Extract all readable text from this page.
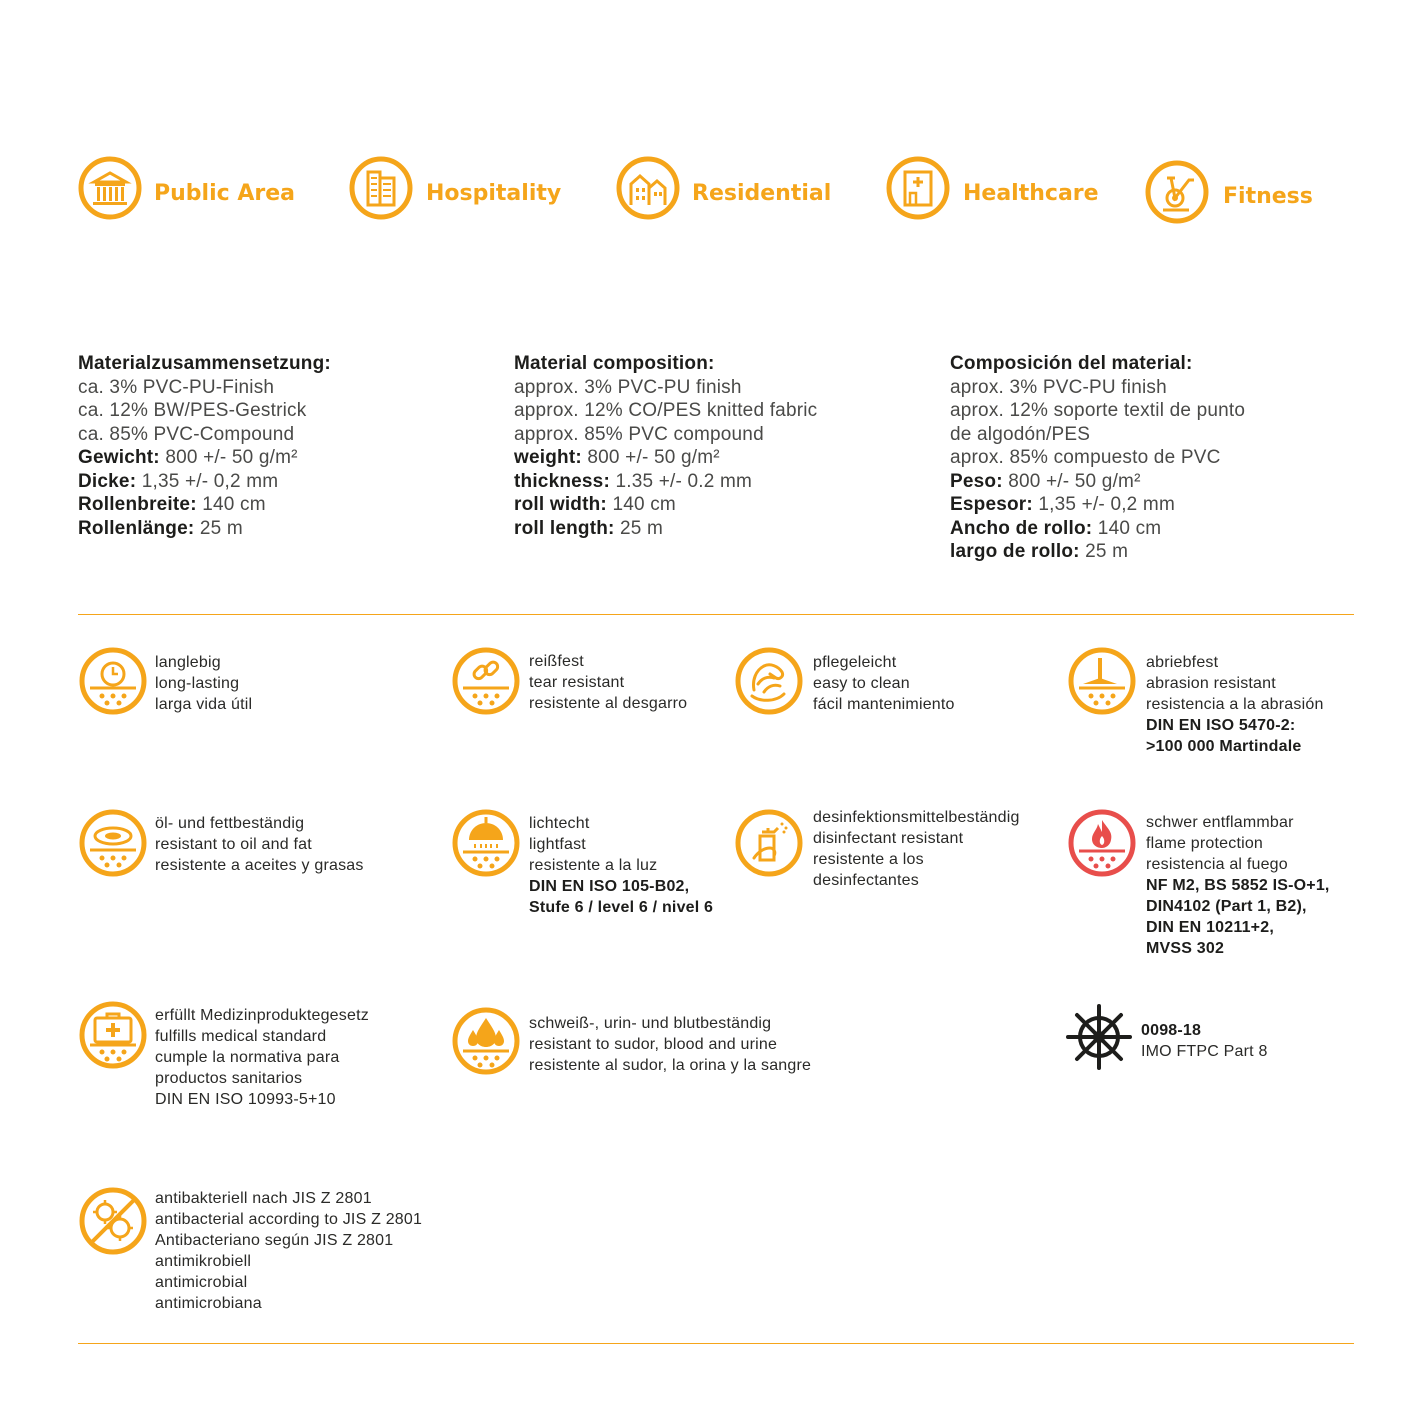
Public Area	Hospitality	Residential	Healthcare	Fitness
Materialzusammensetzung:
ca. 3% PVC-PU-Finish
ca. 12% BW/PES-Gestrick
ca. 85% PVC-Compound
Gewicht: 800 +/- 50 g/m²
Dicke: 1,35 +/- 0,2 mm
Rollenbreite: 140 cm
Rollenlänge: 25 m
Material composition:
approx. 3% PVC-PU finish
approx. 12% CO/PES knitted fabric
approx. 85% PVC compound
weight: 800 +/- 50 g/m²
thickness: 1.35 +/- 0.2 mm
roll width: 140 cm
roll length: 25 m
Composición del material:
aprox. 3% PVC-PU finish
aprox. 12% soporte textil de punto
de algodón/PES
aprox. 85% compuesto de PVC
Peso: 800 +/- 50 g/m²
Espesor: 1,35 +/- 0,2 mm
Ancho de rollo: 140 cm
largo de rollo: 25 m
langlebig
long-lasting
larga vida útil
reißfest
tear resistant
resistente al desgarro
pflegeleicht
easy to clean
fácil mantenimiento
abriebfest
abrasion resistant
resistencia a la abrasión
DIN EN ISO 5470-2:
>100 000 Martindale
öl- und fettbeständig
resistant to oil and fat
resistente a aceites y grasas
lichtecht
lightfast
resistente a la luz
DIN EN ISO 105-B02,
Stufe 6 / level 6 / nivel 6
desinfektionsmittelbeständig
disinfectant resistant
resistente a los
desinfectantes
schwer entflammbar
flame protection
resistencia al fuego
NF M2, BS 5852 IS-O+1,
DIN4102 (Part 1, B2),
DIN EN 10211+2,
MVSS 302
erfüllt Medizinproduktegesetz
fulfills medical standard
cumple la normativa para
productos sanitarios
DIN EN ISO 10993-5+10
schweiß-, urin- und blutbeständig
resistant to sudor, blood and urine
resistente al sudor, la orina y la sangre
0098-18
IMO FTPC Part 8
antibakteriell nach JIS Z 2801
antibacterial according to JIS Z 2801
Antibacteriano según JIS Z 2801
antimikrobiell
antimicrobial
antimicrobiana
